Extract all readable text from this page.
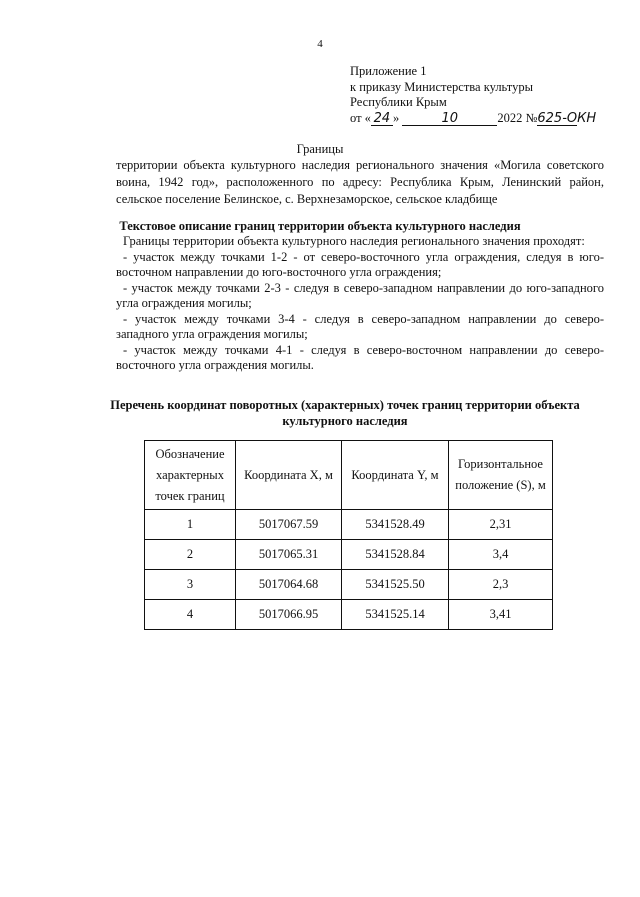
4
Приложение 1
к приказу Министерства культуры
Республики Крым
от « 24 »	10	2022 №625-ОКН
Границы
территории объекта культурного наследия регионального значения «Могила советского воина, 1942 год», расположенного по адресу: Республика Крым, Ленинский район, сельское поселение Белинское, с. Верхнезаморское, сельское кладбище
Текстовое описание границ территории объекта культурного наследия

Границы территории объекта культурного наследия регионального значения проходят:

- участок между точками 1-2 - от северо-восточного угла ограждения, следуя в юго-восточном направлении до юго-восточного угла ограждения;

- участок между точками 2-3 - следуя в северо-западном направлении до юго-западного угла ограждения могилы;

- участок между точками 3-4 - следуя в северо-западном направлении до северо-западного угла ограждения могилы;

- участок между точками 4-1 - следуя в северо-восточном направлении до северо-восточного угла ограждения могилы.

Перечень координат поворотных (характерных) точек границ территории объекта культурного наследия
Обозначение характерных точек границ	Координата X, м	Координата Y, м	Горизонтальное положение (S), м
1	5017067.59	5341528.49	2,31
2	5017065.31	5341528.84	3,4
3	5017064.68	5341525.50	2,3
4	5017066.95	5341525.14	3,41
